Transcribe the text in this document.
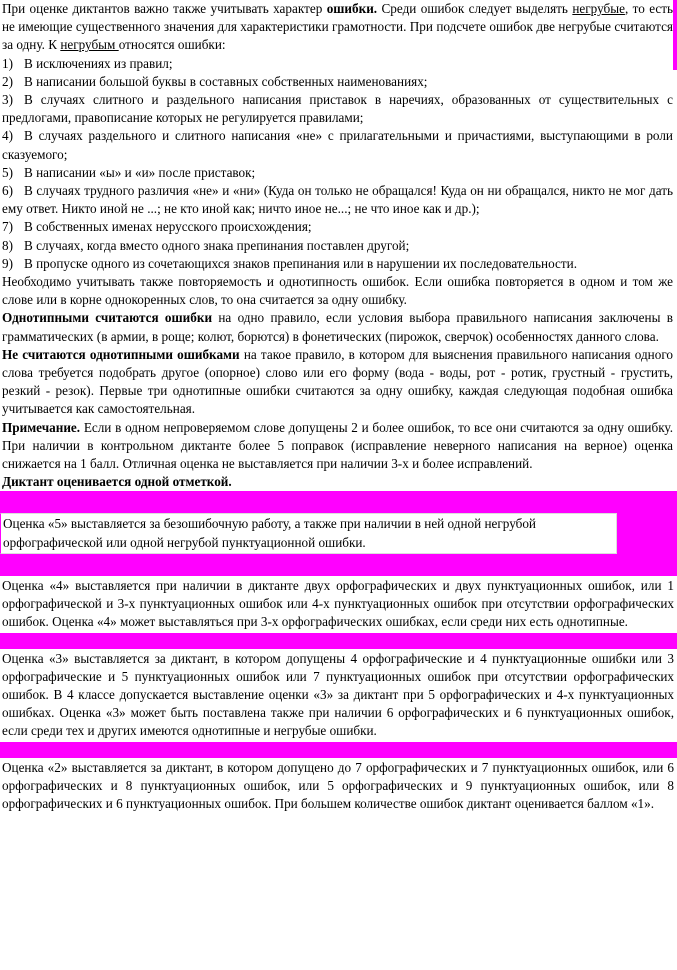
При оценке диктантов важно также учитывать характер ошибки. Среди ошибок следует выделять негрубые, то есть не имеющие существенного значения для характеристики грамотности. При подсчете ошибок две негрубые считаются за одну. К негрубым относятся ошибки:

1) В исключениях из правил;

2) В написании большой буквы в составных собственных наименованиях;

3) В случаях слитного и раздельного написания приставок в наречиях, образованных от существительных с предлогами, правописание которых не регулируется правилами;

4) В случаях раздельного и слитного написания «не» с прилагательными и причастиями, выступающими в роли сказуемого;

5) В написании «ы» и «и» после приставок;

6) В случаях трудного различия «не» и «ни» (Куда он только не обращался! Куда он ни обращался, никто не мог дать ему ответ. Никто иной не ...; не кто иной как; ничто иное не...; не что иное как и др.);

7) В собственных именах нерусского происхождения;

8) В случаях, когда вместо одного знака препинания поставлен другой;

9) В пропуске одного из сочетающихся знаков препинания или в нарушении их последовательности.

Необходимо учитывать также повторяемость и однотипность ошибок. Если ошибка повторяется в одном и том же слове или в корне однокоренных слов, то она считается за одну ошибку.

Однотипными считаются ошибки на одно правило, если условия выбора правильного написания заключены в грамматических (в армии, в роще; колют, борются) в фонетических (пирожок, сверчок) особенностях данного слова.

Не считаются однотипными ошибками на такое правило, в котором для выяснения правильного написания одного слова требуется подобрать другое (опорное) слово или его форму (вода - воды, рот - ротик, грустный - грустить, резкий - резок). Первые три однотипные ошибки считаются за одну ошибку, каждая следующая подобная ошибка учитывается как самостоятельная.

Примечание. Если в одном непроверяемом слове допущены 2 и более ошибок, то все они считаются за одну ошибку. При наличии в контрольном диктанте более 5 поправок (исправление неверного написания на верное) оценка снижается на 1 балл. Отличная оценка не выставляется при наличии 3-х и более исправлений.

Диктант оценивается одной отметкой.

Оценка «5» выставляется за безошибочную работу, а также при наличии в ней одной негрубой орфографической или одной негрубой пунктуационной ошибки.

Оценка «4» выставляется при наличии в диктанте двух орфографических и двух пунктуационных ошибок, или 1 орфографической и 3-х пунктуационных ошибок или 4-х пунктуационных ошибок при отсутствии орфографических ошибок. Оценка «4» может выставляться при 3-х орфографических ошибках, если среди них есть однотипные.

Оценка «3» выставляется за диктант, в котором допущены 4 орфографические и 4 пунктуационные ошибки или 3 орфографические и 5 пунктуационных ошибок или 7 пунктуационных ошибок при отсутствии орфографических ошибок. В 4 классе допускается выставление оценки «3» за диктант при 5 орфографических и 4-х пунктуационных ошибках. Оценка «3» может быть поставлена также при наличии 6 орфографических и 6 пунктуационных ошибок, если среди тех и других имеются однотипные и негрубые ошибки.

Оценка «2» выставляется за диктант, в котором допущено до 7 орфографических и 7 пунктуационных ошибок, или 6 орфографических и 8 пунктуационных ошибок, или 5 орфографических и 9 пунктуационных ошибок, или 8 орфографических и 6 пунктуационных ошибок. При большем количестве ошибок диктант оценивается баллом «1».
